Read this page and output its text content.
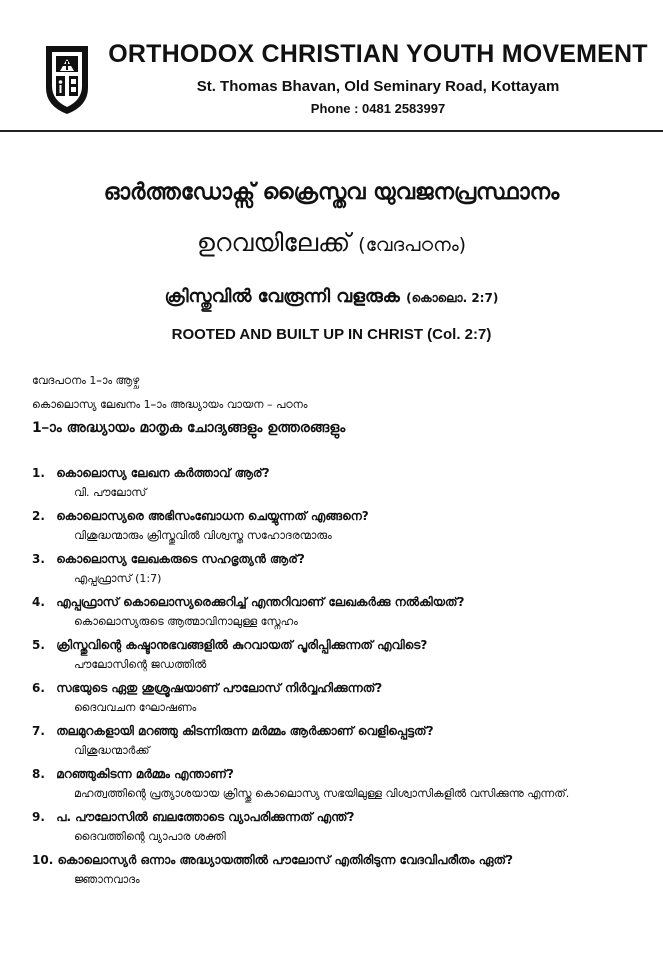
ORTHODOX CHRISTIAN YOUTH MOVEMENT
St. Thomas Bhavan, Old Seminary Road, Kottayam
Phone : 0481 2583997
ഓർത്തഡോക്സ് ക്രൈസ്തവ യുവജനപ്രസ്ഥാനം
ഉറവയിലേക്ക് (വേദപഠനം)
ക്രിസ്തുവിൽ വേരൂന്നി വളരുക (കൊലൊ. 2:7)
ROOTED AND BUILT UP IN CHRIST (Col. 2:7)
വേദപഠനം 1–ാം ആഴ്ച
കൊലൊസ്യ ലേഖനം 1–ാം അദ്ധ്യായം വായന – പഠനം
1–ാം അദ്ധ്യായം മാതൃക ചോദ്യങ്ങളും ഉത്തരങ്ങളും
1. കൊലൊസ്യ ലേഖന കർത്താവ് ആര്?
വി. പൗലോസ്
2. കൊലൊസ്യരെ അഭിസംബോധന ചെയ്യുന്നത് എങ്ങനെ?
വിശുദ്ധന്മാരും ക്രിസ്തുവിൽ വിശ്വസ്ത സഹോദരന്മാരും
3. കൊലൊസ്യ ലേഖകരുടെ സഹഭൃത്യൻ ആര്?
എപ്പഫ്രാസ് (1:7)
4. എപ്പഫ്രാസ് കൊലൊസ്യരെക്കുറിച്ച് എന്തറിവാണ് ലേഖകർക്കു നൽകിയത്?
കൊലൊസ്യരുടെ ആത്മാവിനാലുള്ള സ്നേഹം
5. ക്രിസ്തുവിന്റെ കഷ്ടാനുഭവങ്ങളിൽ കുറവായത് പൂരിപ്പിക്കുന്നത് എവിടെ?
പൗലോസിന്റെ ജഡത്തിൽ
6. സഭയുടെ ഏതു ശുശ്രൂഷയാണ് പൗലോസ് നിർവ്വഹിക്കുന്നത്?
ദൈവവചന ഘോഷണം
7. തലമുറകളായി മറഞ്ഞു കിടന്നിരുന്ന മർമ്മം ആർക്കാണ് വെളിപ്പെട്ടത്?
വിശുദ്ധന്മാർക്ക്
8. മറഞ്ഞുകിടന്ന മർമ്മം എന്താണ്?
മഹത്വത്തിന്റെ പ്രത്യാശയായ ക്രിസ്തു കൊലൊസ്യ സഭയിലുള്ള വിശ്വാസികളിൽ വസിക്കുന്നു എന്നത്.
9. പ. പൗലോസിൽ ബലത്തോടെ വ്യാപരിക്കുന്നത് എന്ത്?
ദൈവത്തിന്റെ വ്യാപാര ശക്തി
10. കൊലൊസ്യർ ഒന്നാം അദ്ധ്യായത്തിൽ പൗലോസ് എതിരിടുന്ന വേദവിപരീതം ഏത്?
ജ്ഞാനവാദം
